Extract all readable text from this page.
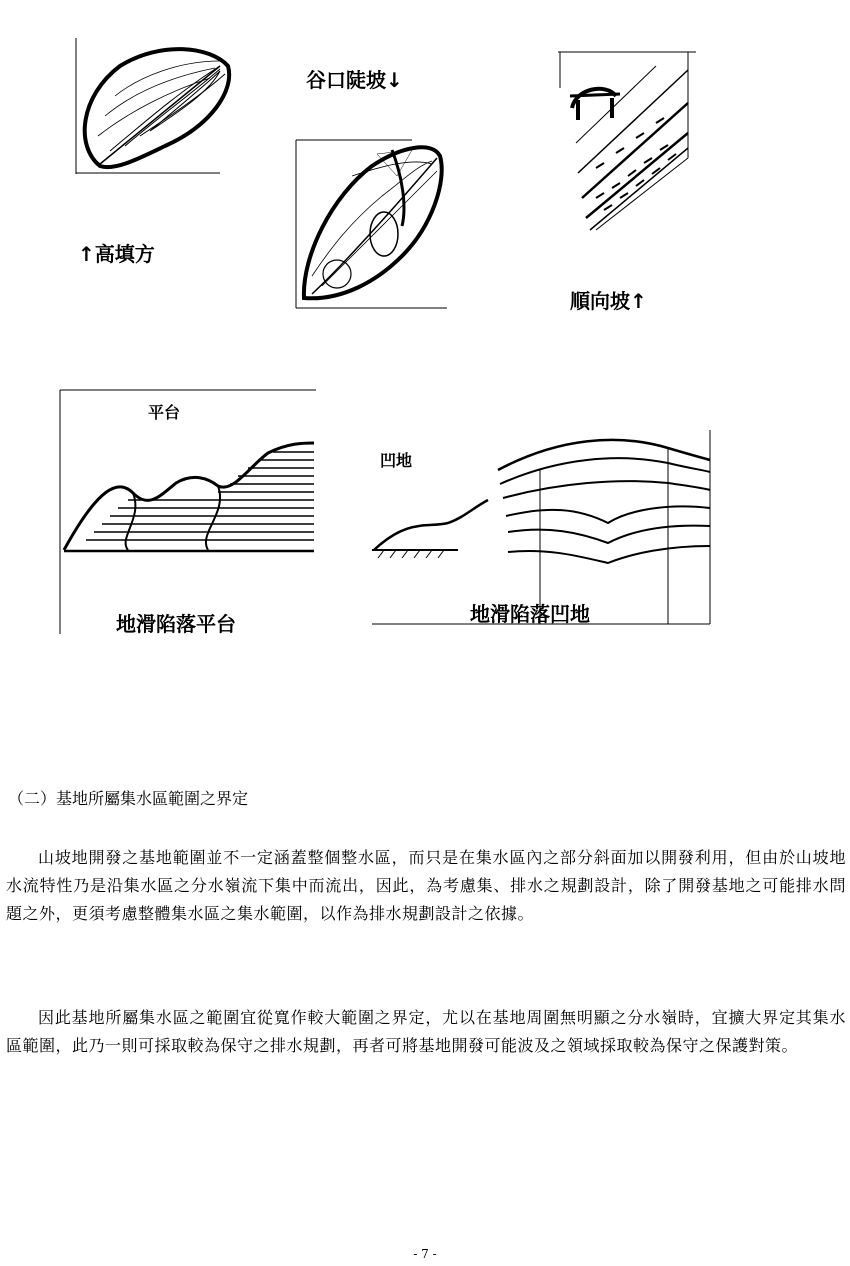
↑高填方
谷口陡坡↓
順向坡↑
平台
地滑陷落平台
凹地
地滑陷落凹地
（二）基地所屬集水區範圍之界定
山坡地開發之基地範圍並不一定涵蓋整個整水區，而只是在集水區內之部分斜面加以開發利用，但由於山坡地水流特性乃是沿集水區之分水嶺流下集中而流出，因此，為考慮集、排水之規劃設計，除了開發基地之可能排水問題之外，更須考慮整體集水區之集水範圍，以作為排水規劃設計之依據。
因此基地所屬集水區之範圍宜從寬作較大範圍之界定，尤以在基地周圍無明顯之分水嶺時，宜擴大界定其集水區範圍，此乃一則可採取較為保守之排水規劃，再者可將基地開發可能波及之領域採取較為保守之保護對策。
- 7 -
